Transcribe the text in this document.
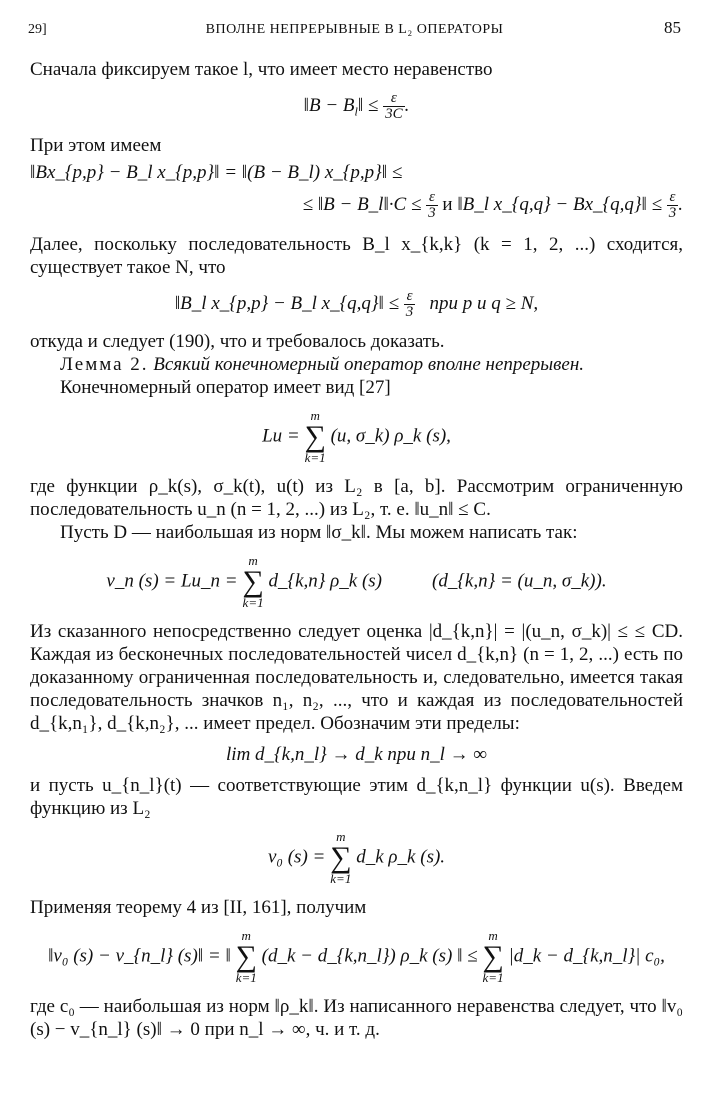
29]	ВПОЛНЕ НЕПРЕРЫВНЫЕ В L₂ ОПЕРАТОРЫ	85

Сначала фиксируем такое l, что имеет место неравенство

‖B − $B_l‖ \le \frac{\varepsilon}{3C}$ .

При этом имеем

‖Bx_{p,p} − B_l x_{p,p}‖ = ‖(B − B_l) x_{p,p}‖ ≤
≤ ‖B − B_l‖·C ≤ $\frac{\varepsilon}{3}$ и ‖B_l x_{q,q} − Bx_{q,q}‖ ≤ $\frac{\varepsilon}{3}$ .

Далее, поскольку последовательность B_l x_{k,k} (k = 1, 2, ...) сходится, существует такое N, что

‖B_l x_{p,p} − B_l x_{q,q}‖ ≤ $\frac{\varepsilon}{3}$ при p и q ≥ N,

откуда и следует (190), что и требовалось доказать.

Лемма 2. Всякий конечномерный оператор вполне непрерывен.

Конечномерный оператор имеет вид [27]

Lu =
m
∑
k=1
(u, σ_k) ρ_k (s),

где функции ρ_k(s), σ_k(t), u(t) из L₂ в [a, b]. Рассмотрим ограниченную последовательность u_n (n = 1, 2, ...) из L₂, т. е. ‖u_n‖ ≤ C.

Пусть D — наибольшая из норм ‖σ_k‖. Мы можем написать так:

v_n (s) = Lu_n =
m
∑
k=1
d_{k,n} ρ_k (s)	(d_{k,n} = (u_n, σ_k)).

Из сказанного непосредственно следует оценка |d_{k,n}| = |(u_n, σ_k)| ≤ ≤ CD. Каждая из бесконечных последовательностей чисел d_{k,n} (n = 1, 2, ...) есть по доказанному ограниченная последовательность и, следовательно, имеется такая последовательность значков n₁, n₂, ..., что и каждая из последовательностей d_{k,n₁}, d_{k,n₂}, ... имеет предел. Обозначим эти пределы:

lim d_{k,n_l} → d_k при n_l → ∞

и пусть u_{n_l}(t) — соответствующие этим d_{k,n_l} функции u(s). Введем функцию из L₂

v₀ (s) =
m
∑
k=1
d_k ρ_k (s).

Применяя теорему 4 из [II, 161], получим

‖v₀ (s) − v_{n_l} (s)‖ = ‖
m
∑
k=1
(d_k − d_{k,n_l}) ρ_k (s) ‖ ≤
m
∑
k=1
|d_k − d_{k,n_l}| c₀,

где c₀ — наибольшая из норм ‖ρ_k‖. Из написанного неравенства следует, что ‖v₀ (s) − v_{n_l} (s)‖ → 0 при n_l → ∞, ч. и т. д.
